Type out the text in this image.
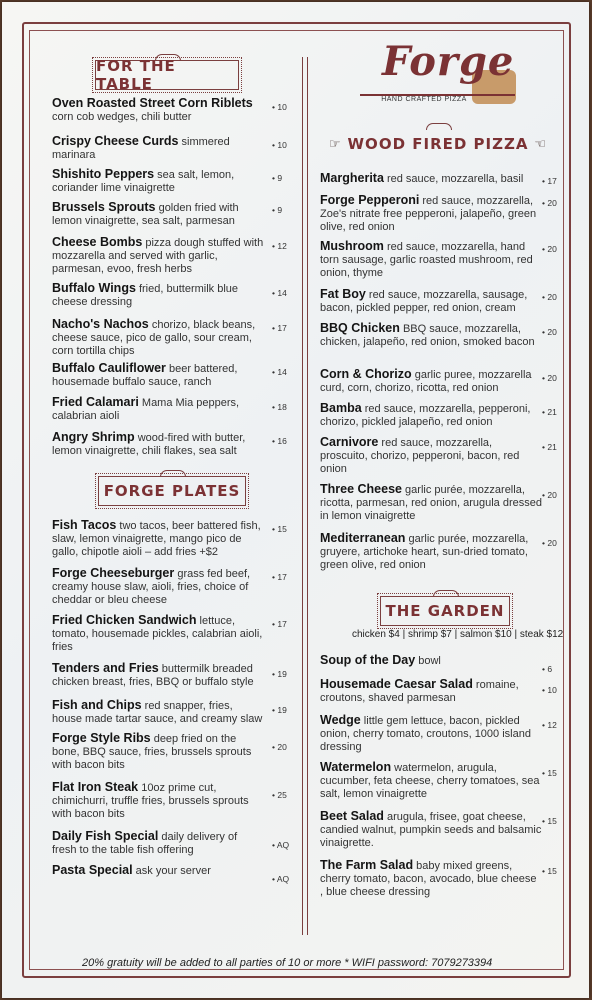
Forge
HAND CRAFTED PIZZA
FOR THE TABLE
FORGE PLATES
☞ WOOD FIRED PIZZA ☜
THE GARDEN
chicken $4 | shrimp $7 | salmon $10 | steak $12
Oven Roasted Street Corn Riblets corn cob wedges, chili butter
• 10
Crispy Cheese Curds simmered marinara
• 10
Shishito Peppers sea salt, lemon, coriander lime vinaigrette
• 9
Brussels Sprouts golden fried with lemon vinaigrette, sea salt, parmesan
• 9
Cheese Bombs pizza dough stuffed with mozzarella and served with garlic, parmesan, evoo, fresh herbs
• 12
Buffalo Wings fried, buttermilk blue cheese dressing
• 14
Nacho's Nachos chorizo, black beans, cheese sauce, pico de gallo, sour cream, corn tortilla chips
• 17
Buffalo Cauliflower beer battered, housemade buffalo sauce, ranch
• 14
Fried Calamari Mama Mia peppers, calabrian aioli
• 18
Angry Shrimp wood-fired with butter, lemon vinaigrette, chili flakes, sea salt
• 16
Fish Tacos two tacos, beer battered fish, slaw, lemon vinaigrette, mango pico de gallo, chipotle aioli – add fries +$2
• 15
Forge Cheeseburger grass fed beef, creamy house slaw, aioli, fries, choice of cheddar or bleu cheese
• 17
Fried Chicken Sandwich lettuce, tomato, housemade pickles, calabrian aioli, fries
• 17
Tenders and Fries buttermilk breaded chicken breast, fries, BBQ or buffalo style
• 19
Fish and Chips red snapper, fries, house made tartar sauce, and creamy slaw
• 19
Forge Style Ribs deep fried on the bone, BBQ sauce, fries, brussels sprouts with bacon bits
• 20
Flat Iron Steak 10oz prime cut, chimichurri, truffle fries, brussels sprouts with bacon bits
• 25
Daily Fish Special daily delivery of fresh to the table fish offering	• AQ
Pasta Special ask your server
• AQ
Margherita red sauce, mozzarella, basil	• 17
Forge Pepperoni red sauce, mozzarella, Zoe's nitrate free pepperoni, jalapeño, green olive, red onion
• 20
Mushroom red sauce, mozzarella, hand torn sausage, garlic roasted mushroom, red onion, thyme
• 20
Fat Boy red sauce, mozzarella, sausage, bacon, pickled pepper, red onion, cream
• 20
BBQ Chicken BBQ sauce, mozzarella, chicken, jalapeño, red onion, smoked bacon
• 20
Corn & Chorizo garlic puree, mozzarella curd, corn, chorizo, ricotta, red onion
• 20
Bamba red sauce, mozzarella, pepperoni, chorizo, pickled jalapeño, red onion
• 21
Carnivore red sauce, mozzarella, proscuito, chorizo, pepperoni, bacon, red onion
• 21
Three Cheese garlic purée, mozzarella, ricotta, parmesan, red onion, arugula dressed in lemon vinaigrette
• 20
Mediterranean garlic purée, mozzarella, gruyere, artichoke heart, sun-dried tomato, green olive, red onion
• 20
Soup of the Day bowl
• 6
Housemade Caesar Salad romaine, croutons, shaved parmesan
• 10
Wedge little gem lettuce, bacon, pickled onion, cherry tomato, croutons, 1000 island dressing
• 12
Watermelon watermelon, arugula, cucumber, feta cheese, cherry tomatoes, sea salt, lemon vinaigrette
• 15
Beet Salad arugula, frisee, goat cheese, candied walnut, pumpkin seeds and balsamic vinaigrette.
• 15
The Farm Salad baby mixed greens, cherry tomato, bacon, avocado, blue cheese , blue cheese dressing
• 15
20% gratuity will be added to all parties of 10 or more * WIFI password: 7079273394
